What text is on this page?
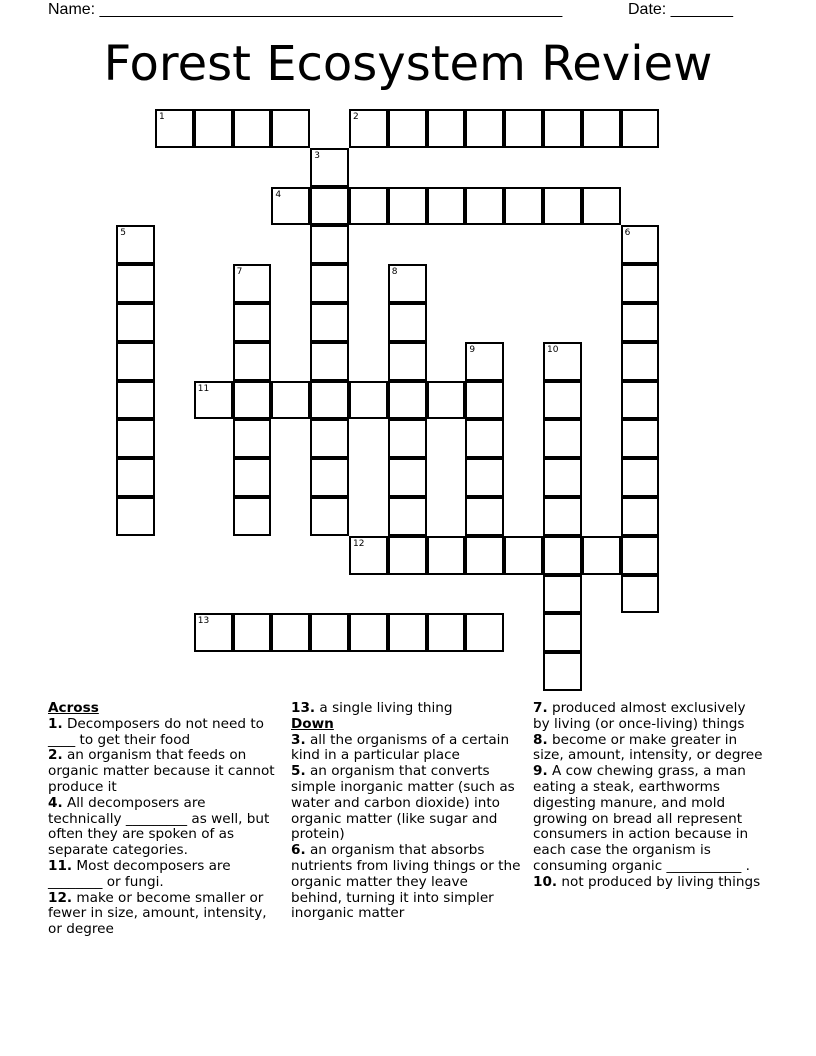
Name: ____________________________________________________	Date: _______
Forest Ecosystem Review
1	2
3
4
5	6
7	8
9	10
11
12
13

Across

1. Decomposers do not need to ____ to get their food

2. an organism that feeds on organic matter because it cannot produce it

4. All decomposers are technically _________ as well, but often they are spoken of as separate categories.

11. Most decomposers are ________ or fungi.

12. make or become smaller or fewer in size, amount, intensity, or degree

13. a single living thing

Down

3. all the organisms of a certain kind in a particular place

5. an organism that converts simple inorganic matter (such as water and carbon dioxide) into organic matter (like sugar and protein)

6. an organism that absorbs nutrients from living things or the organic matter they leave behind, turning it into simpler inorganic matter

7. produced almost exclusively by living (or once-living) things

8. become or make greater in size, amount, intensity, or degree

9. A cow chewing grass, a man eating a steak, earthworms digesting manure, and mold growing on bread all represent consumers in action because in each case the organism is consuming organic ___________ .

10. not produced by living things
